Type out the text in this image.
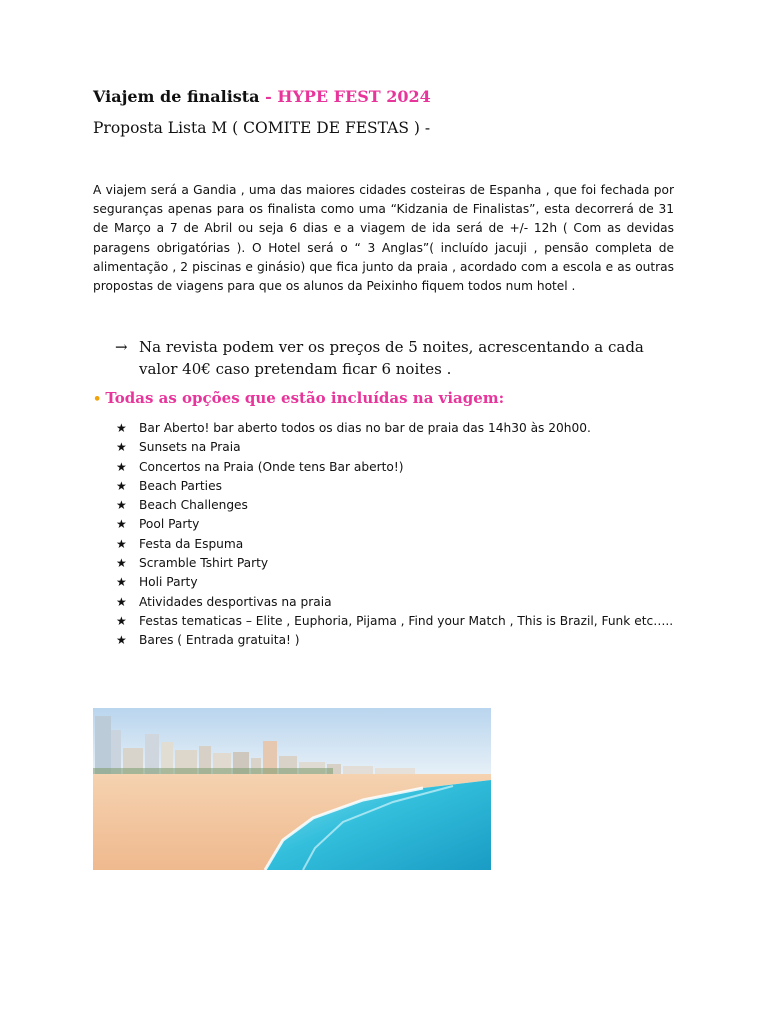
Viajem de finalista - HYPE FEST 2024
Proposta Lista M ( COMITE DE FESTAS ) -

A viajem será a Gandia , uma das maiores cidades costeiras de Espanha , que foi fechada por seguranças apenas para os finalista como uma “Kidzania de Finalistas”, esta decorrerá de 31 de Março a 7 de Abril ou seja 6 dias e a viagem de ida será de +/- 12h ( Com as devidas paragens obrigatórias ). O Hotel será o “ 3 Anglas”( incluído jacuji , pensão completa de alimentação , 2 piscinas e ginásio) que fica junto da praia , acordado com a escola e as outras propostas de viagens para que os alunos da Peixinho fiquem todos num hotel .

→ Na revista podem ver os preços de 5 noites, acrescentando a cada
valor 40€ caso pretendam ficar 6 noites .
• Todas as opções que estão incluídas na viagem:
★ Bar Aberto! bar aberto todos os dias no bar de praia das 14h30 às 20h00.
★ Sunsets na Praia
★ Concertos na Praia (Onde tens Bar aberto!)
★ Beach Parties
★ Beach Challenges
★ Pool Party
★ Festa da Espuma
★ Scramble Tshirt Party
★ Holi Party
★ Atividades desportivas na praia
★ Festas tematicas – Elite , Euphoria, Pijama , Find your Match , This is Brazil, Funk etc…..
★ Bares ( Entrada gratuita! )
